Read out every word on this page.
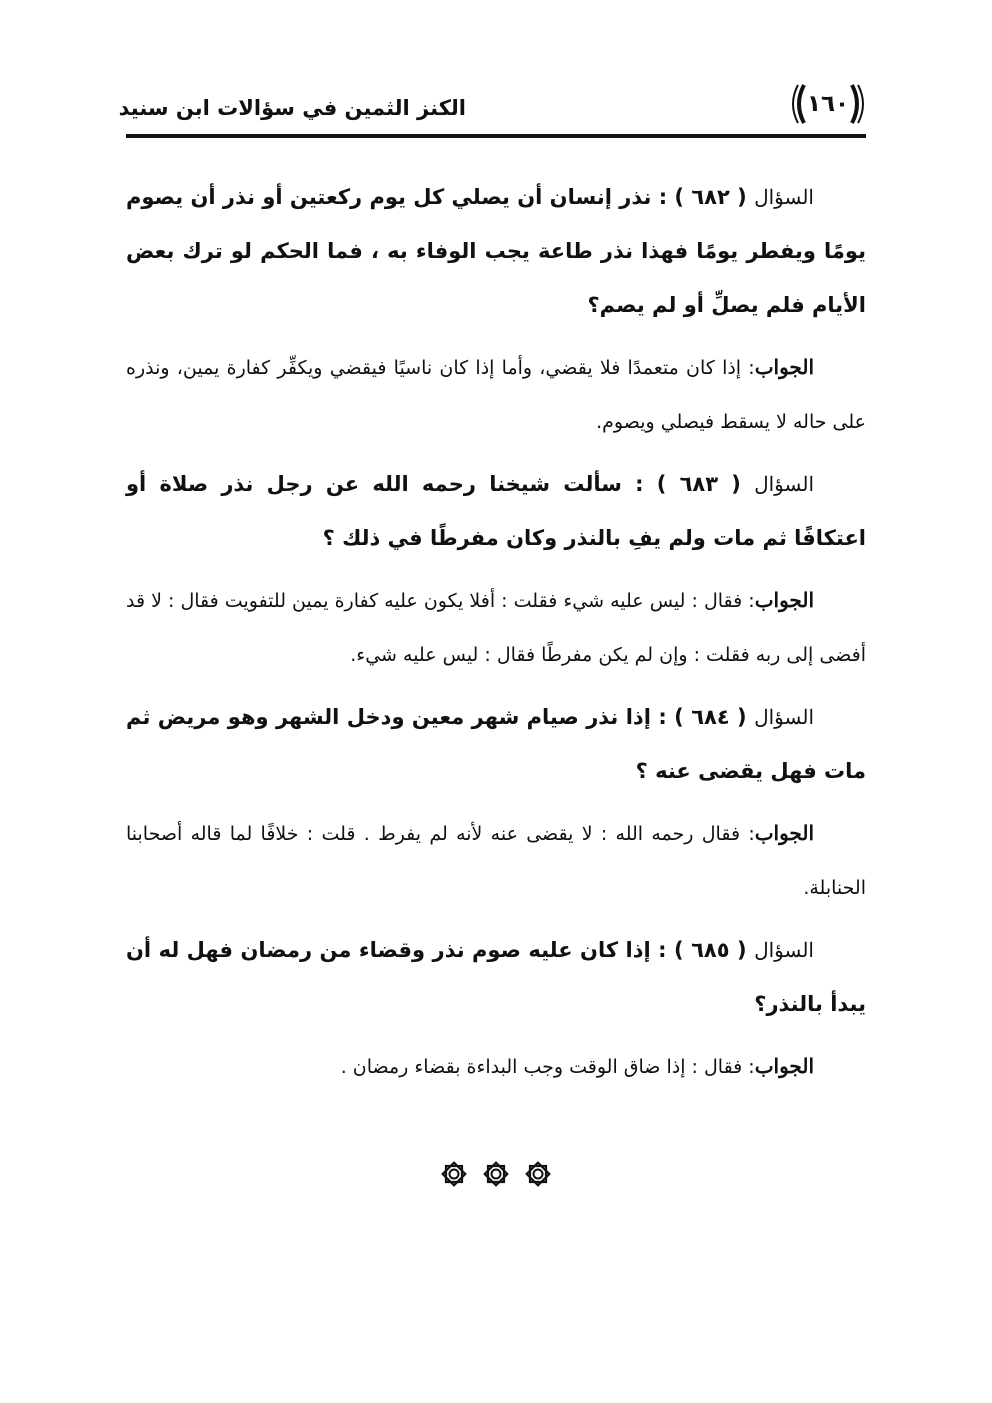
١٦٠
الكنز الثمين في سؤالات ابن سنيد

السؤال ( ٦٨٢ ) : نذر إنسان أن يصلي كل يوم ركعتين أو نذر أن يصوم يومًا ويفطر يومًا فهذا نذر طاعة يجب الوفاء به ، فما الحكم لو ترك بعض الأيام فلم يصلِّ أو لم يصم؟

الجواب: إذا كان متعمدًا فلا يقضي، وأما إذا كان ناسيًا فيقضي ويكفِّر كفارة يمين، ونذره على حاله لا يسقط فيصلي ويصوم.

السؤال ( ٦٨٣ ) : سألت شيخنا رحمه الله عن رجل نذر صلاة أو اعتكافًا ثم مات ولم يفِ بالنذر وكان مفرطًا في ذلك ؟

الجواب: فقال : ليس عليه شيء فقلت : أفلا يكون عليه كفارة يمين للتفويت فقال : لا قد أفضى إلى ربه فقلت : وإن لم يكن مفرطًا فقال : ليس عليه شيء.

السؤال ( ٦٨٤ ) : إذا نذر صيام شهر معين ودخل الشهر وهو مريض ثم مات فهل يقضى عنه ؟

الجواب: فقال رحمه الله : لا يقضى عنه لأنه لم يفرط . قلت : خلافًا لما قاله أصحابنا الحنابلة.

السؤال ( ٦٨٥ ) : إذا كان عليه صوم نذر وقضاء من رمضان فهل له أن يبدأ بالنذر؟

الجواب: فقال : إذا ضاق الوقت وجب البداءة بقضاء رمضان .
